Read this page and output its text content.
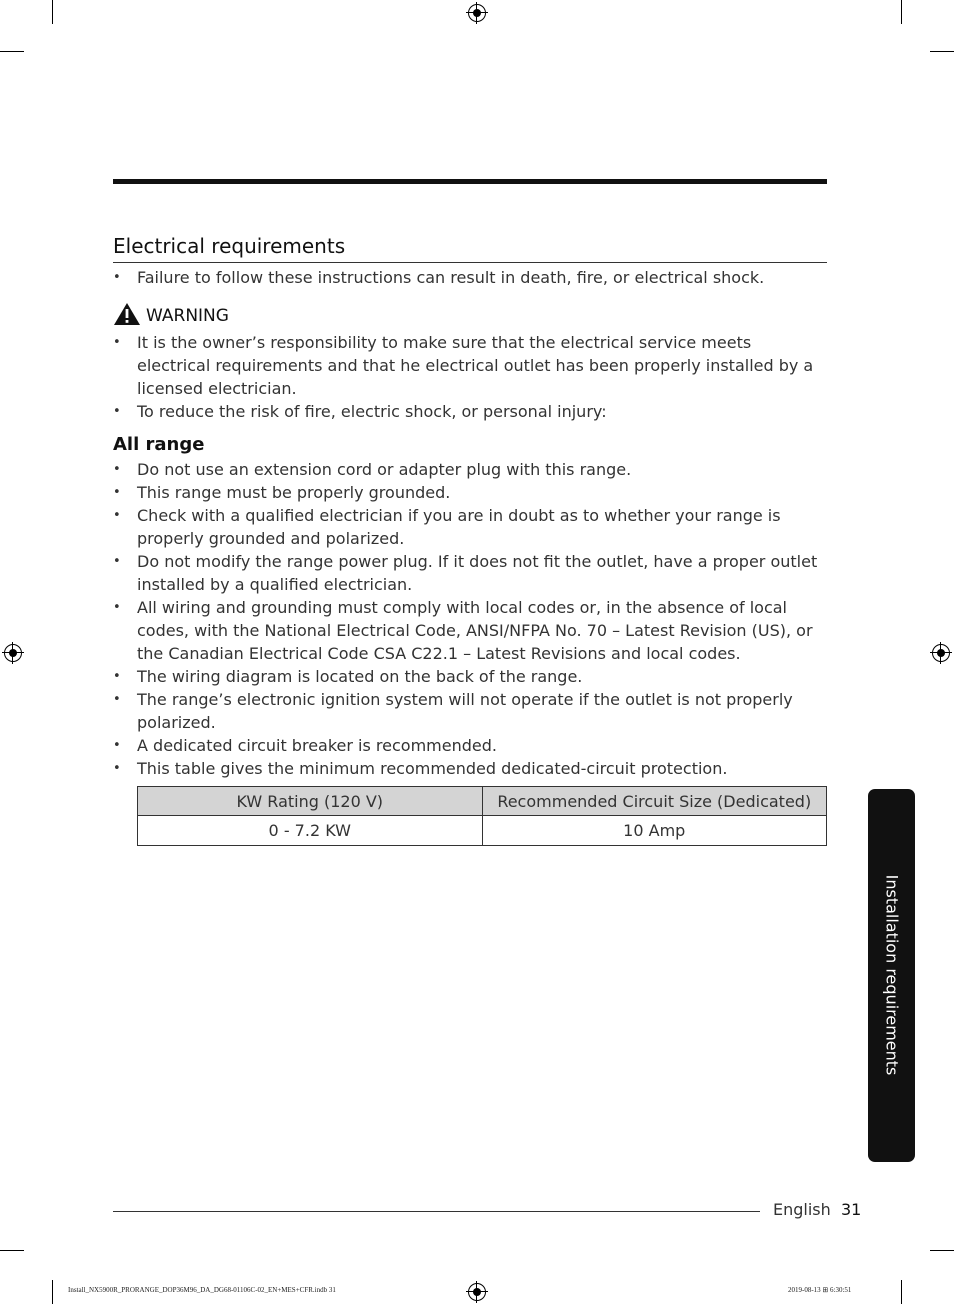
Electrical requirements
• Failure to follow these instructions can result in death, fire, or electrical shock.
WARNING
• It is the owner’s responsibility to make sure that the electrical service meets electrical requirements and that he electrical outlet has been properly installed by a licensed electrician.
• To reduce the risk of fire, electric shock, or personal injury:
All range
• Do not use an extension cord or adapter plug with this range.
• This range must be properly grounded.
• Check with a qualified electrician if you are in doubt as to whether your range is properly grounded and polarized.
• Do not modify the range power plug. If it does not fit the outlet, have a proper outlet installed by a qualified electrician.
• All wiring and grounding must comply with local codes or, in the absence of local codes, with the National Electrical Code, ANSI/NFPA No. 70 – Latest Revision (US), or the Canadian Electrical Code CSA C22.1 – Latest Revisions and local codes.
• The wiring diagram is located on the back of the range.
• The range’s electronic ignition system will not operate if the outlet is not properly polarized.
• A dedicated circuit breaker is recommended.
• This table gives the minimum recommended dedicated-circuit protection.
KW Rating (120 V)	Recommended Circuit Size (Dedicated)
0 - 7.2 KW	10 Amp
Installation requirements
English 31
Install_NX5900R_PRORANGE_DOP36M96_DA_DG68-01106C-02_EN+MES+CFR.indb 31	2019-08-13 ⊞ 6:30:51
